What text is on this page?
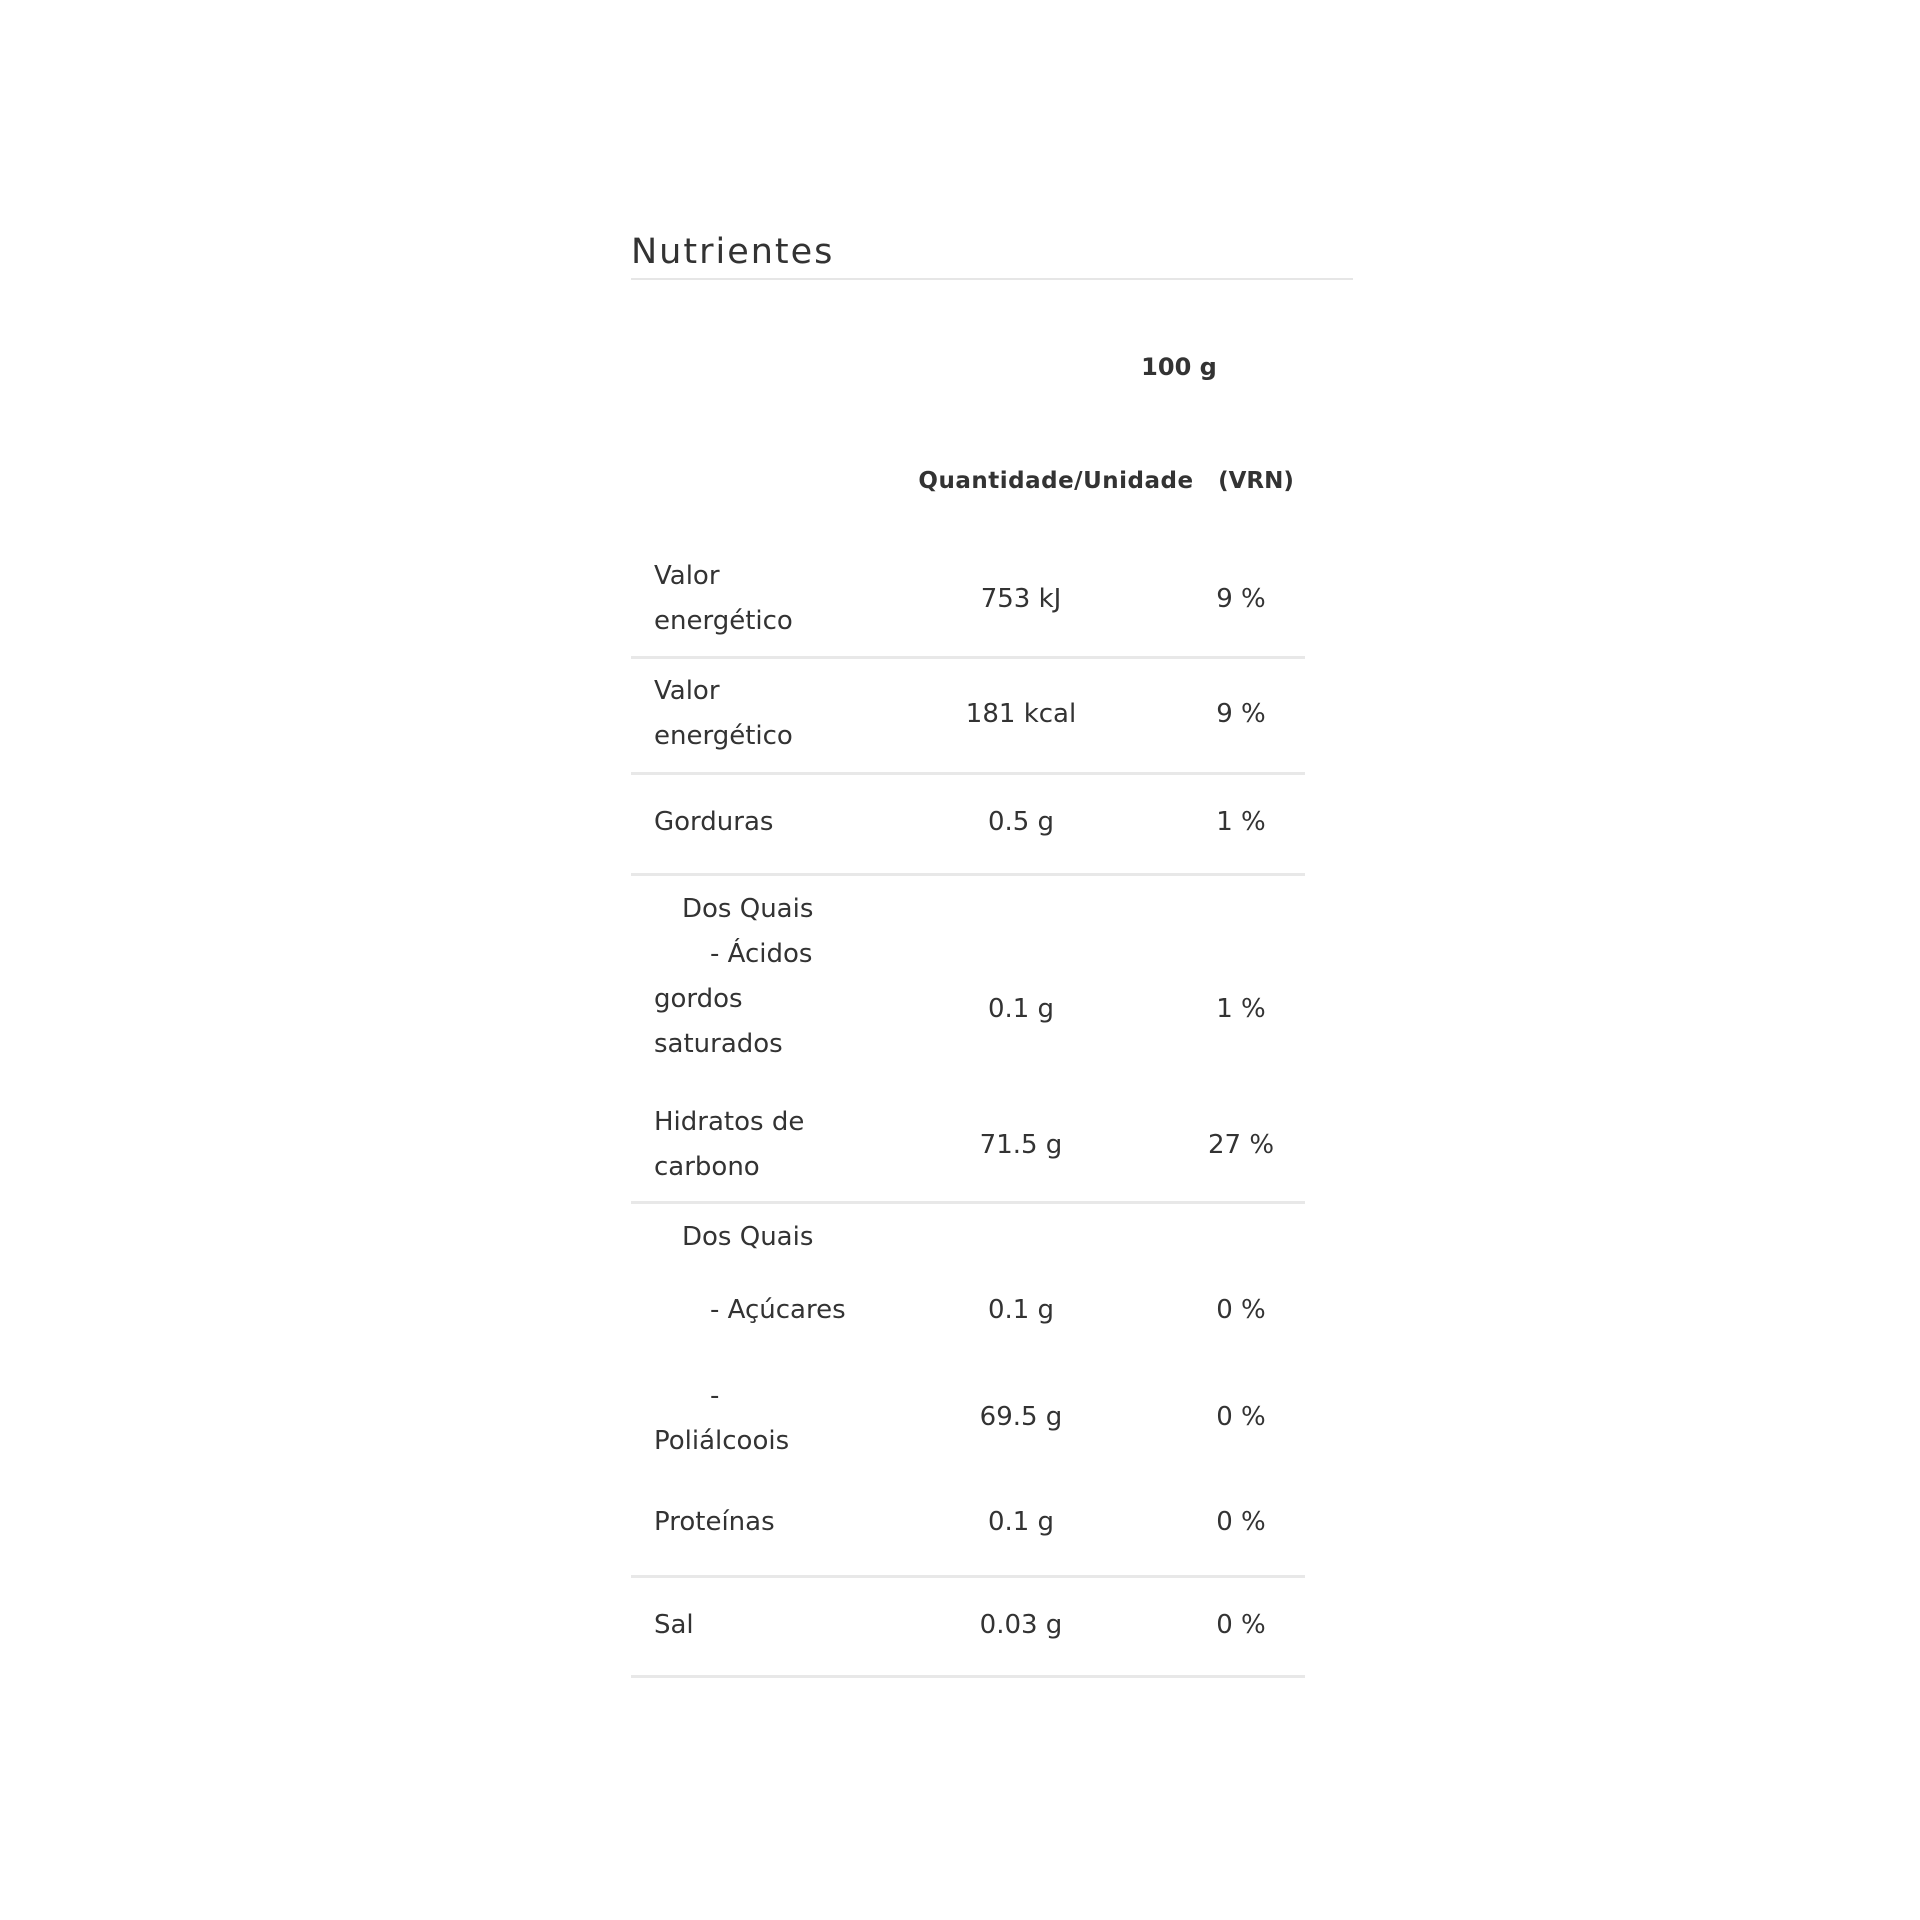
Nutrientes
100 g
Quantidade/Unidade	(VRN)
Valor
energético
753 kJ	9 %
Valor
energético
181 kcal	9 %
Gorduras	0.5 g	1 %
Dos Quais
- Ácidos
gordos
saturados
0.1 g	1 %
Hidratos de
carbono
71.5 g	27 %
Dos Quais
- Açúcares	0.1 g	0 %
-
Poliálcoois
69.5 g	0 %
Proteínas	0.1 g	0 %
Sal	0.03 g	0 %
